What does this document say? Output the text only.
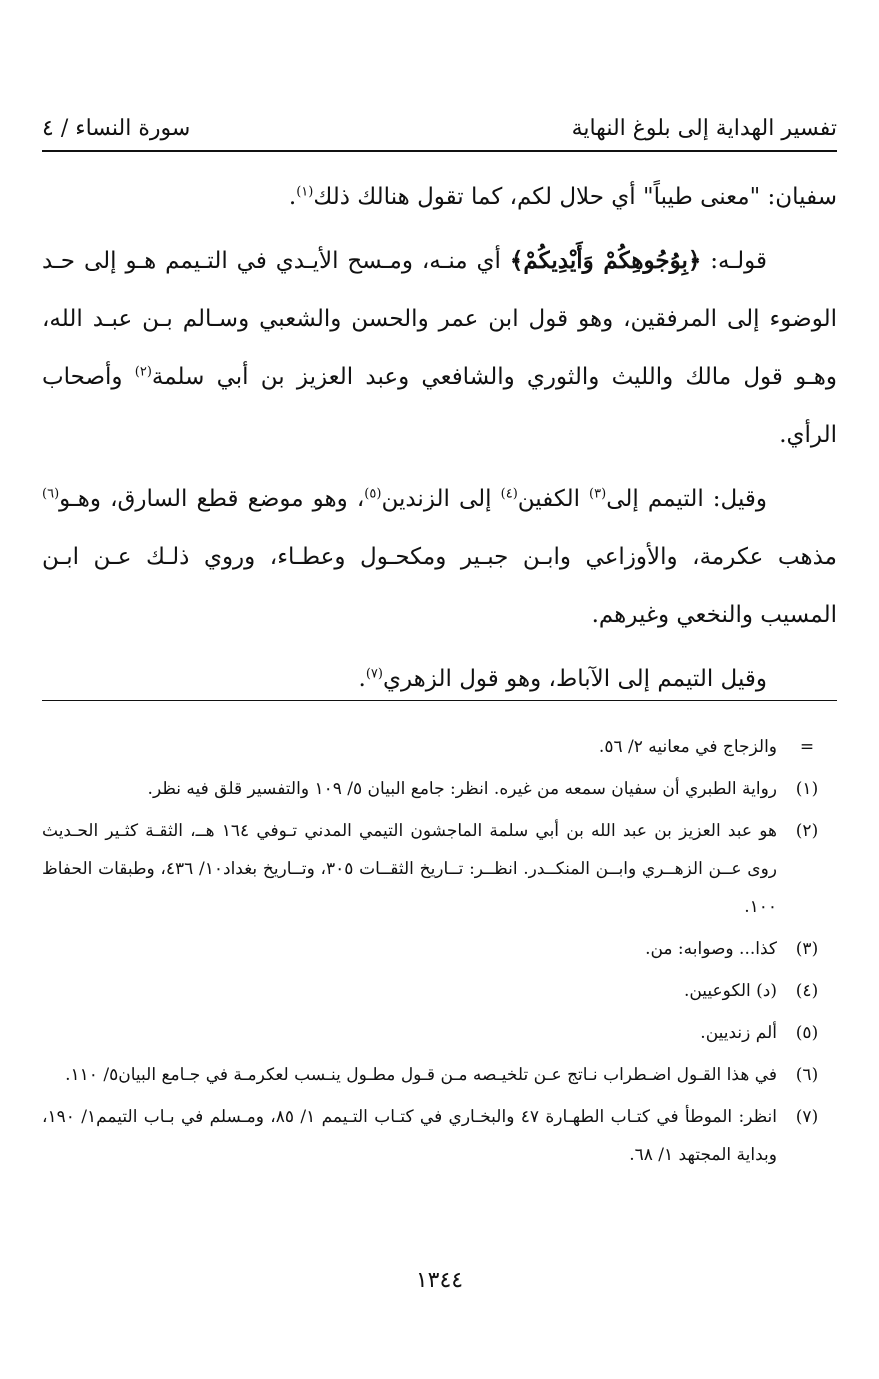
تفسير الهداية إلى بلوغ النهاية
سورة النساء / ٤

سفيان: "معنى طيباً" أي حلال لكم، كما تقول هنالك ذلك$^{(١)}$.

قولـه: ﴿بِوُجُوهِكُمْ وَأَيْدِيكُمْ﴾ أي منـه، ومـسح الأيـدي في التـيمم هـو إلى حـد الوضوء إلى المرفقين، وهو قول ابن عمر والحسن والشعبي وسـالم بـن عبـد الله، وهـو قول مالك والليث والثوري والشافعي وعبد العزيز بن أبي سلمة$^{(٢)}$ وأصحاب الرأي.

وقيل: التيمم إلى$^{(٣)}$ الكفين$^{(٤)}$ إلى الزندين$^{(٥)}$، وهو موضع قطع السارق، وهـو$^{(٦)}$ مذهب عكرمة، والأوزاعي وابـن جبـير ومكحـول وعطـاء، وروي ذلـك عـن ابـن المسيب والنخعي وغيرهم.

وقيل التيمم إلى الآباط، وهو قول الزهري$^{(٧)}$.

=
والزجاج في معانيه ٢/ ٥٦.
(١)
رواية الطبري أن سفيان سمعه من غيره. انظر: جامع البيان ٥/ ١٠٩ والتفسير قلق فيه نظر.
(٢)
هو عبد العزيز بن عبد الله بن أبي سلمة الماجشون التيمي المدني تـوفي ١٦٤ هــ، الثقـة كثـير الحـديث روى عــن الزهــري وابــن المنكــدر. انظــر: تــاريخ الثقــات ٣٠٥، وتــاريخ بغداد١٠/ ٤٣٦، وطبقات الحفاظ ١٠٠.
(٣)
كذا... وصوابه: من.
(٤)
(د) الكوعيين.
(٥)
ألم زنديين.
(٦)
في هذا القـول اضـطراب نـاتج عـن تلخيـصه مـن قـول مطـول ينـسب لعكرمـة في جـامع البيان٥/ ١١٠.
(٧)
انظر: الموطأ في كتـاب الطهـارة ٤٧ والبخـاري في كتـاب التـيمم ١/ ٨٥، ومـسلم في بـاب التيمم١/ ١٩٠، وبداية المجتهد ١/ ٦٨.
١٣٤٤
